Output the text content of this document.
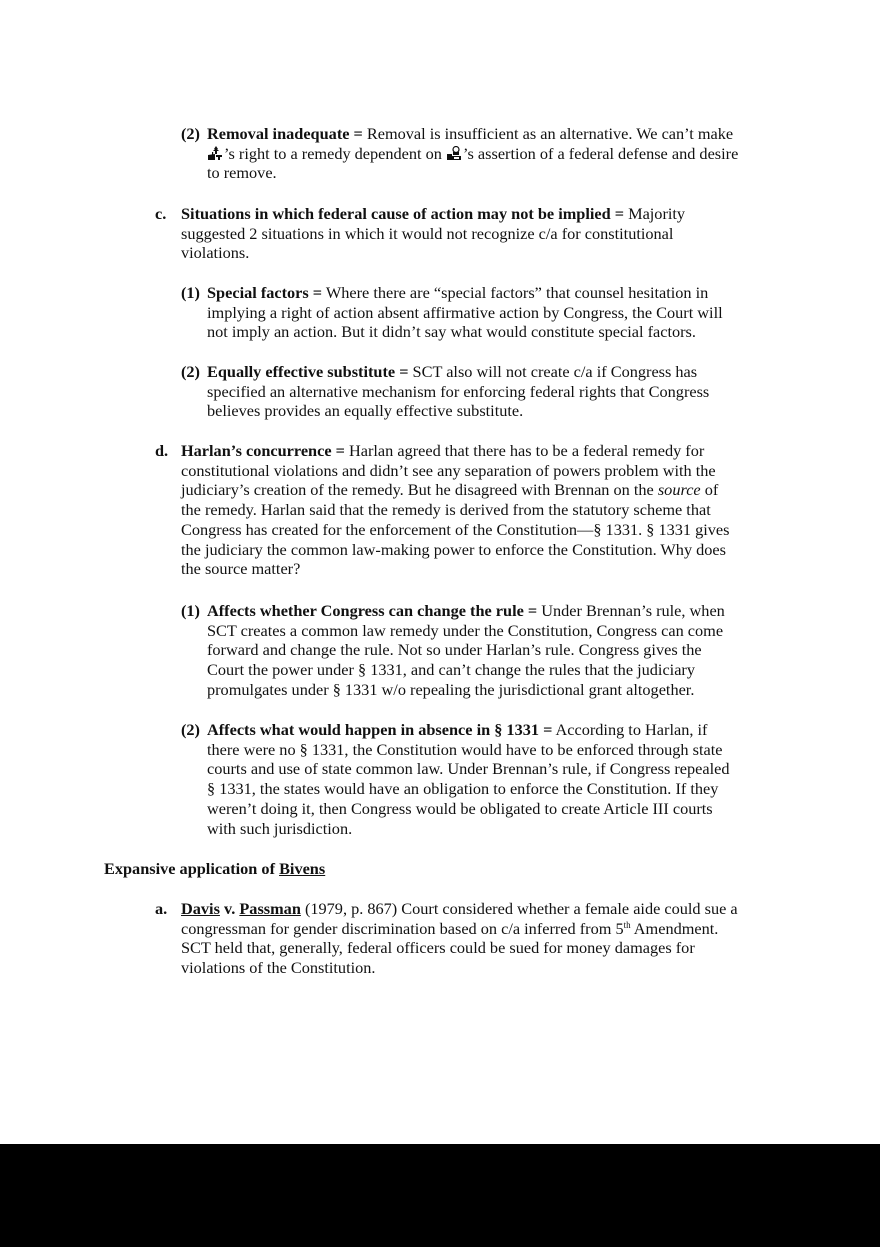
(2) Removal inadequate = Removal is insufficient as an alternative. We can’t make
’s right to a remedy dependent on
’s assertion of a federal defense and desire
to remove.
c. Situations in which federal cause of action may not be implied = Majority
suggested 2 situations in which it would not recognize c/a for constitutional
violations.
(1) Special factors = Where there are “special factors” that counsel hesitation in
implying a right of action absent affirmative action by Congress, the Court will
not imply an action. But it didn’t say what would constitute special factors.
(2) Equally effective substitute = SCT also will not create c/a if Congress has
specified an alternative mechanism for enforcing federal rights that Congress
believes provides an equally effective substitute.
d. Harlan’s concurrence = Harlan agreed that there has to be a federal remedy for
constitutional violations and didn’t see any separation of powers problem with the
judiciary’s creation of the remedy. But he disagreed with Brennan on the source of
the remedy. Harlan said that the remedy is derived from the statutory scheme that
Congress has created for the enforcement of the Constitution—§ 1331. § 1331 gives
the judiciary the common law-making power to enforce the Constitution. Why does
the source matter?
(1) Affects whether Congress can change the rule = Under Brennan’s rule, when
SCT creates a common law remedy under the Constitution, Congress can come
forward and change the rule. Not so under Harlan’s rule. Congress gives the
Court the power under § 1331, and can’t change the rules that the judiciary
promulgates under § 1331 w/o repealing the jurisdictional grant altogether.
(2) Affects what would happen in absence in § 1331 = According to Harlan, if
there were no § 1331, the Constitution would have to be enforced through state
courts and use of state common law. Under Brennan’s rule, if Congress repealed
§ 1331, the states would have an obligation to enforce the Constitution. If they
weren’t doing it, then Congress would be obligated to create Article III courts
with such jurisdiction.
Expansive application of Bivens
a. Davis v. Passman (1979, p. 867) Court considered whether a female aide could sue a
congressman for gender discrimination based on c/a inferred from 5th Amendment.
SCT held that, generally, federal officers could be sued for money damages for
violations of the Constitution.
